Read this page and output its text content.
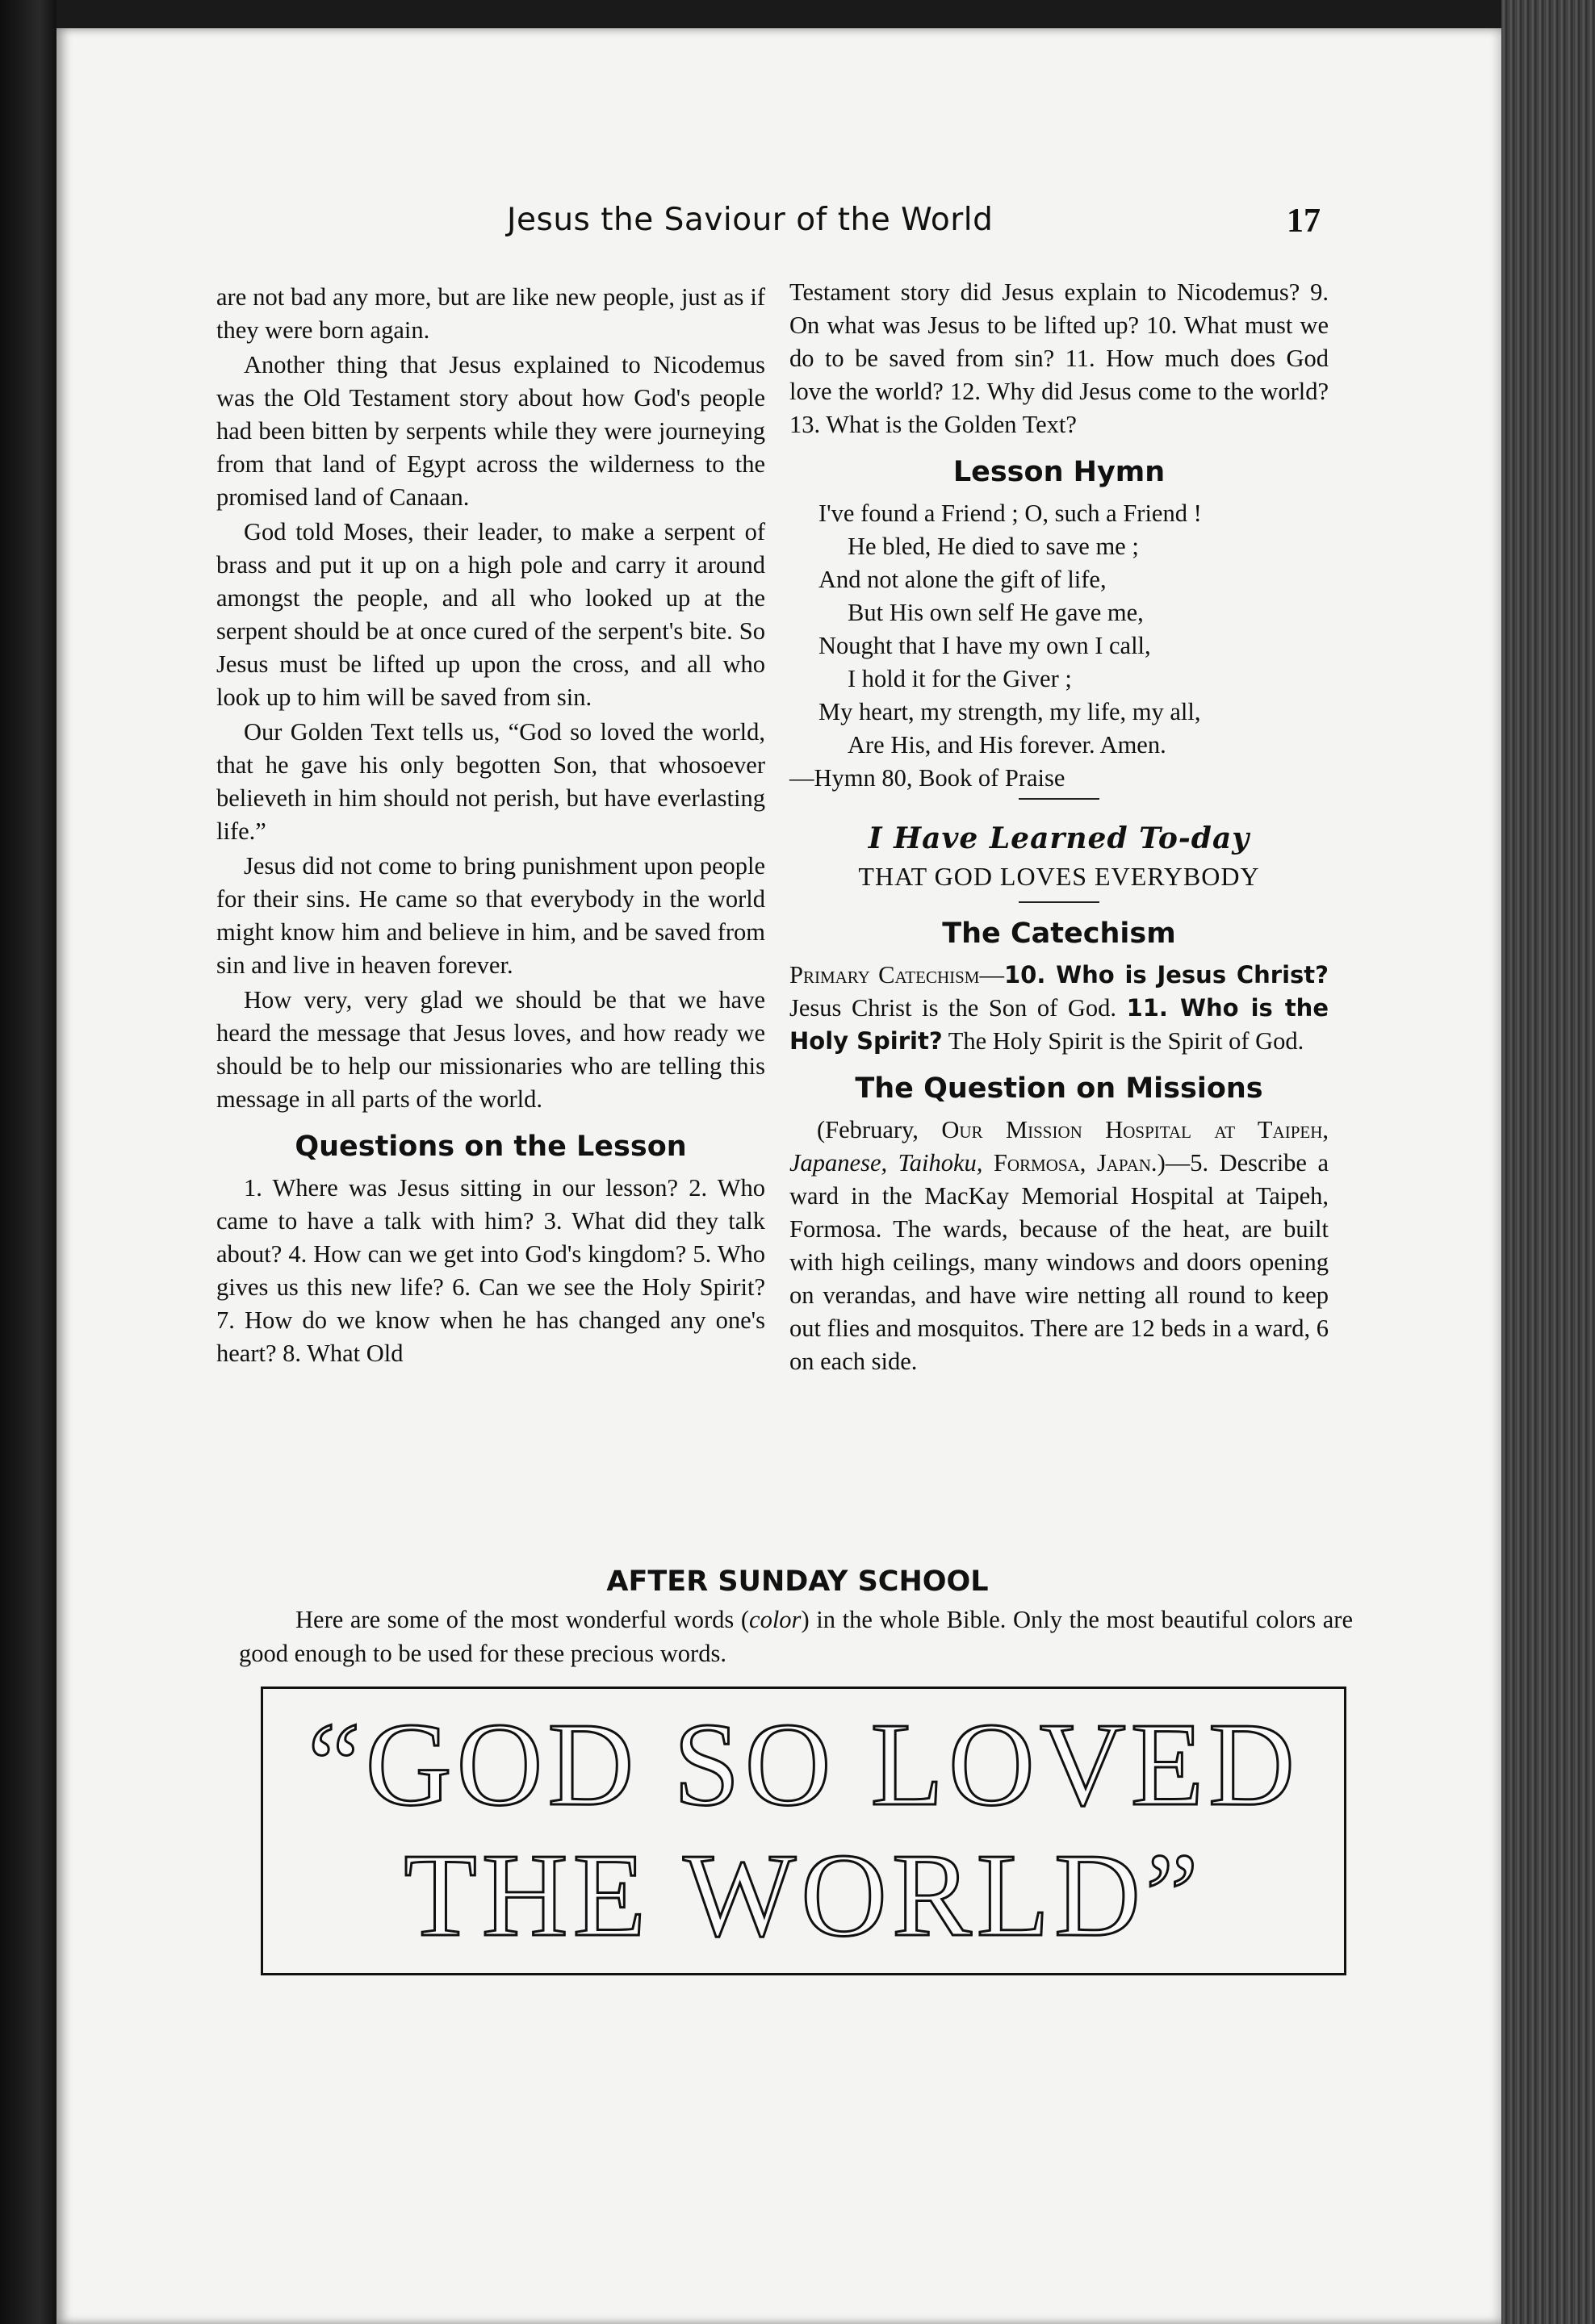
Jesus the Saviour of the World	17

are not bad any more, but are like new people, just as if they were born again.

Another thing that Jesus explained to Nicodemus was the Old Testament story about how God's people had been bitten by serpents while they were journeying from that land of Egypt across the wilderness to the promised land of Canaan.

God told Moses, their leader, to make a serpent of brass and put it up on a high pole and carry it around amongst the people, and all who looked up at the serpent should be at once cured of the serpent's bite. So Jesus must be lifted up upon the cross, and all who look up to him will be saved from sin.

Our Golden Text tells us, “God so loved the world, that he gave his only begotten Son, that whosoever believeth in him should not perish, but have everlasting life.”

Jesus did not come to bring punishment upon people for their sins. He came so that everybody in the world might know him and believe in him, and be saved from sin and live in heaven forever.

How very, very glad we should be that we have heard the message that Jesus loves, and how ready we should be to help our missionaries who are telling this message in all parts of the world.

Questions on the Lesson

1. Where was Jesus sitting in our lesson? 2. Who came to have a talk with him? 3. What did they talk about? 4. How can we get into God's kingdom? 5. Who gives us this new life? 6. Can we see the Holy Spirit? 7. How do we know when he has changed any one's heart? 8. What Old

Testament story did Jesus explain to Nicodemus? 9. On what was Jesus to be lifted up? 10. What must we do to be saved from sin? 11. How much does God love the world? 12. Why did Jesus come to the world? 13. What is the Golden Text?

Lesson Hymn
I've found a Friend ; O, such a Friend !
He bled, He died to save me ;
And not alone the gift of life,
But His own self He gave me,
Nought that I have my own I call,
I hold it for the Giver ;
My heart, my strength, my life, my all,
Are His, and His forever. Amen.

—Hymn 80, Book of Praise

I Have Learned To-day
THAT GOD LOVES EVERYBODY
The Catechism

Primary Catechism—10. Who is Jesus Christ? Jesus Christ is the Son of God. 11. Who is the Holy Spirit? The Holy Spirit is the Spirit of God.

The Question on Missions

(February, Our Mission Hospital at Taipeh, Japanese, Taihoku, Formosa, Japan.)—5. Describe a ward in the MacKay Memorial Hospital at Taipeh, Formosa. The wards, because of the heat, are built with high ceilings, many windows and doors opening on verandas, and have wire netting all round to keep out flies and mosquitos. There are 12 beds in a ward, 6 on each side.

AFTER SUNDAY SCHOOL
Here are some of the most wonderful words (color) in the whole Bible. Only the most beautiful colors are good enough to be used for these precious words.
“GOD SO LOVED
THE WORLD”
